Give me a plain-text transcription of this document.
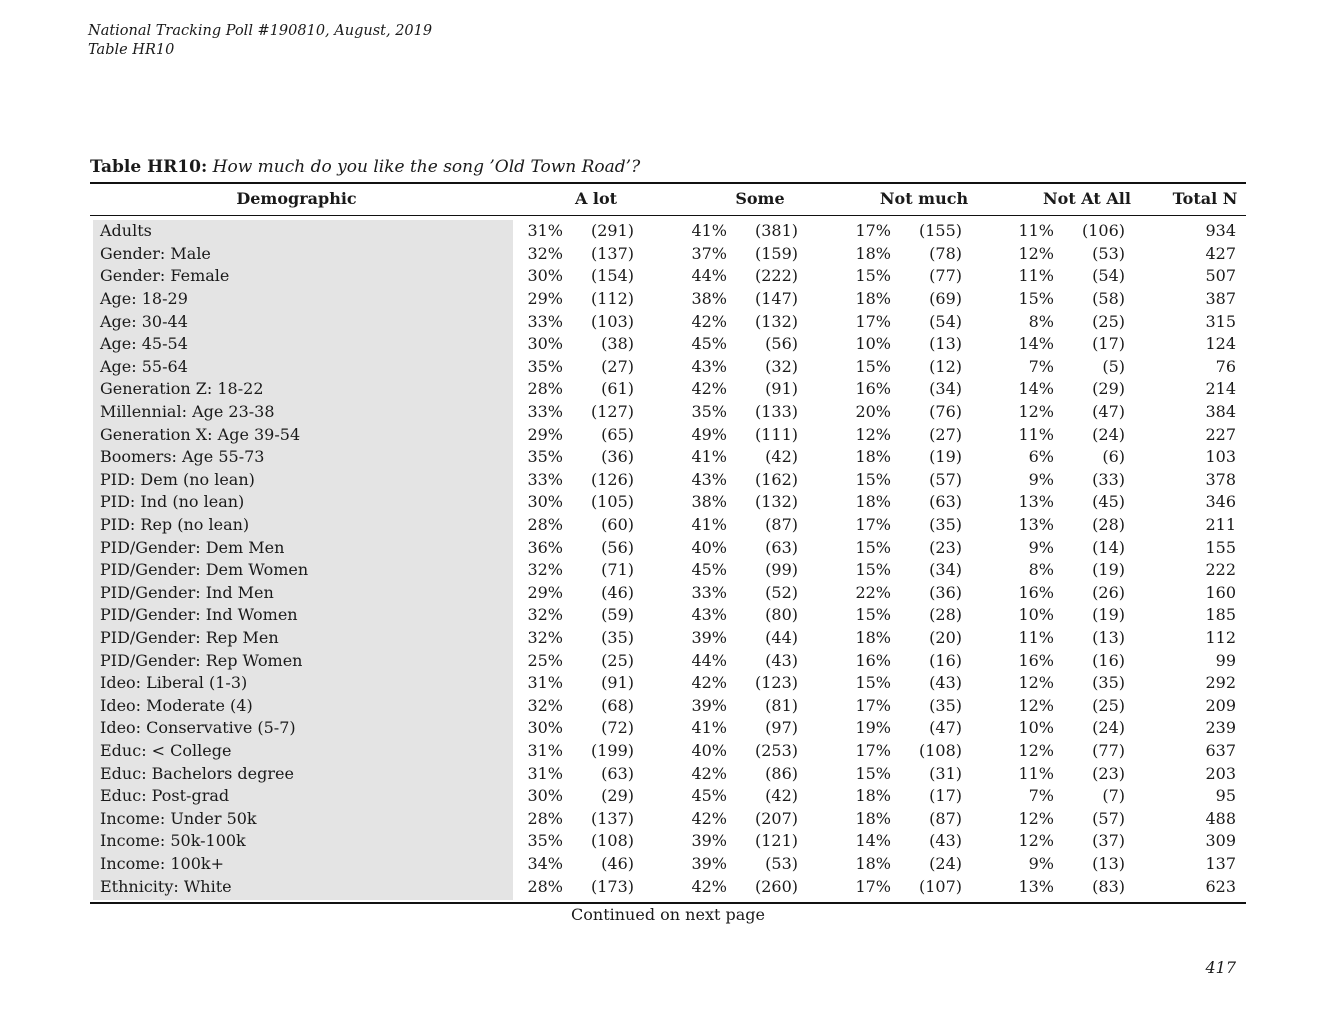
National Tracking Poll #190810, August, 2019
Table HR10
Table HR10: How much do you like the song ’Old Town Road’?
Demographic	A lot	Some	Not much	Not At All	Total N
Adults	31%	(291)	41%	(381)	17%	(155)	11%	(106)	934
Gender: Male	32%	(137)	37%	(159)	18%	(78)	12%	(53)	427
Gender: Female	30%	(154)	44%	(222)	15%	(77)	11%	(54)	507
Age: 18-29	29%	(112)	38%	(147)	18%	(69)	15%	(58)	387
Age: 30-44	33%	(103)	42%	(132)	17%	(54)	8%	(25)	315
Age: 45-54	30%	(38)	45%	(56)	10%	(13)	14%	(17)	124
Age: 55-64	35%	(27)	43%	(32)	15%	(12)	7%	(5)	76
Generation Z: 18-22	28%	(61)	42%	(91)	16%	(34)	14%	(29)	214
Millennial: Age 23-38	33%	(127)	35%	(133)	20%	(76)	12%	(47)	384
Generation X: Age 39-54	29%	(65)	49%	(111)	12%	(27)	11%	(24)	227
Boomers: Age 55-73	35%	(36)	41%	(42)	18%	(19)	6%	(6)	103
PID: Dem (no lean)	33%	(126)	43%	(162)	15%	(57)	9%	(33)	378
PID: Ind (no lean)	30%	(105)	38%	(132)	18%	(63)	13%	(45)	346
PID: Rep (no lean)	28%	(60)	41%	(87)	17%	(35)	13%	(28)	211
PID/Gender: Dem Men	36%	(56)	40%	(63)	15%	(23)	9%	(14)	155
PID/Gender: Dem Women	32%	(71)	45%	(99)	15%	(34)	8%	(19)	222
PID/Gender: Ind Men	29%	(46)	33%	(52)	22%	(36)	16%	(26)	160
PID/Gender: Ind Women	32%	(59)	43%	(80)	15%	(28)	10%	(19)	185
PID/Gender: Rep Men	32%	(35)	39%	(44)	18%	(20)	11%	(13)	112
PID/Gender: Rep Women	25%	(25)	44%	(43)	16%	(16)	16%	(16)	99
Ideo: Liberal (1-3)	31%	(91)	42%	(123)	15%	(43)	12%	(35)	292
Ideo: Moderate (4)	32%	(68)	39%	(81)	17%	(35)	12%	(25)	209
Ideo: Conservative (5-7)	30%	(72)	41%	(97)	19%	(47)	10%	(24)	239
Educ: < College	31%	(199)	40%	(253)	17%	(108)	12%	(77)	637
Educ: Bachelors degree	31%	(63)	42%	(86)	15%	(31)	11%	(23)	203
Educ: Post-grad	30%	(29)	45%	(42)	18%	(17)	7%	(7)	95
Income: Under 50k	28%	(137)	42%	(207)	18%	(87)	12%	(57)	488
Income: 50k-100k	35%	(108)	39%	(121)	14%	(43)	12%	(37)	309
Income: 100k+	34%	(46)	39%	(53)	18%	(24)	9%	(13)	137
Ethnicity: White	28%	(173)	42%	(260)	17%	(107)	13%	(83)	623
Continued on next page
417
